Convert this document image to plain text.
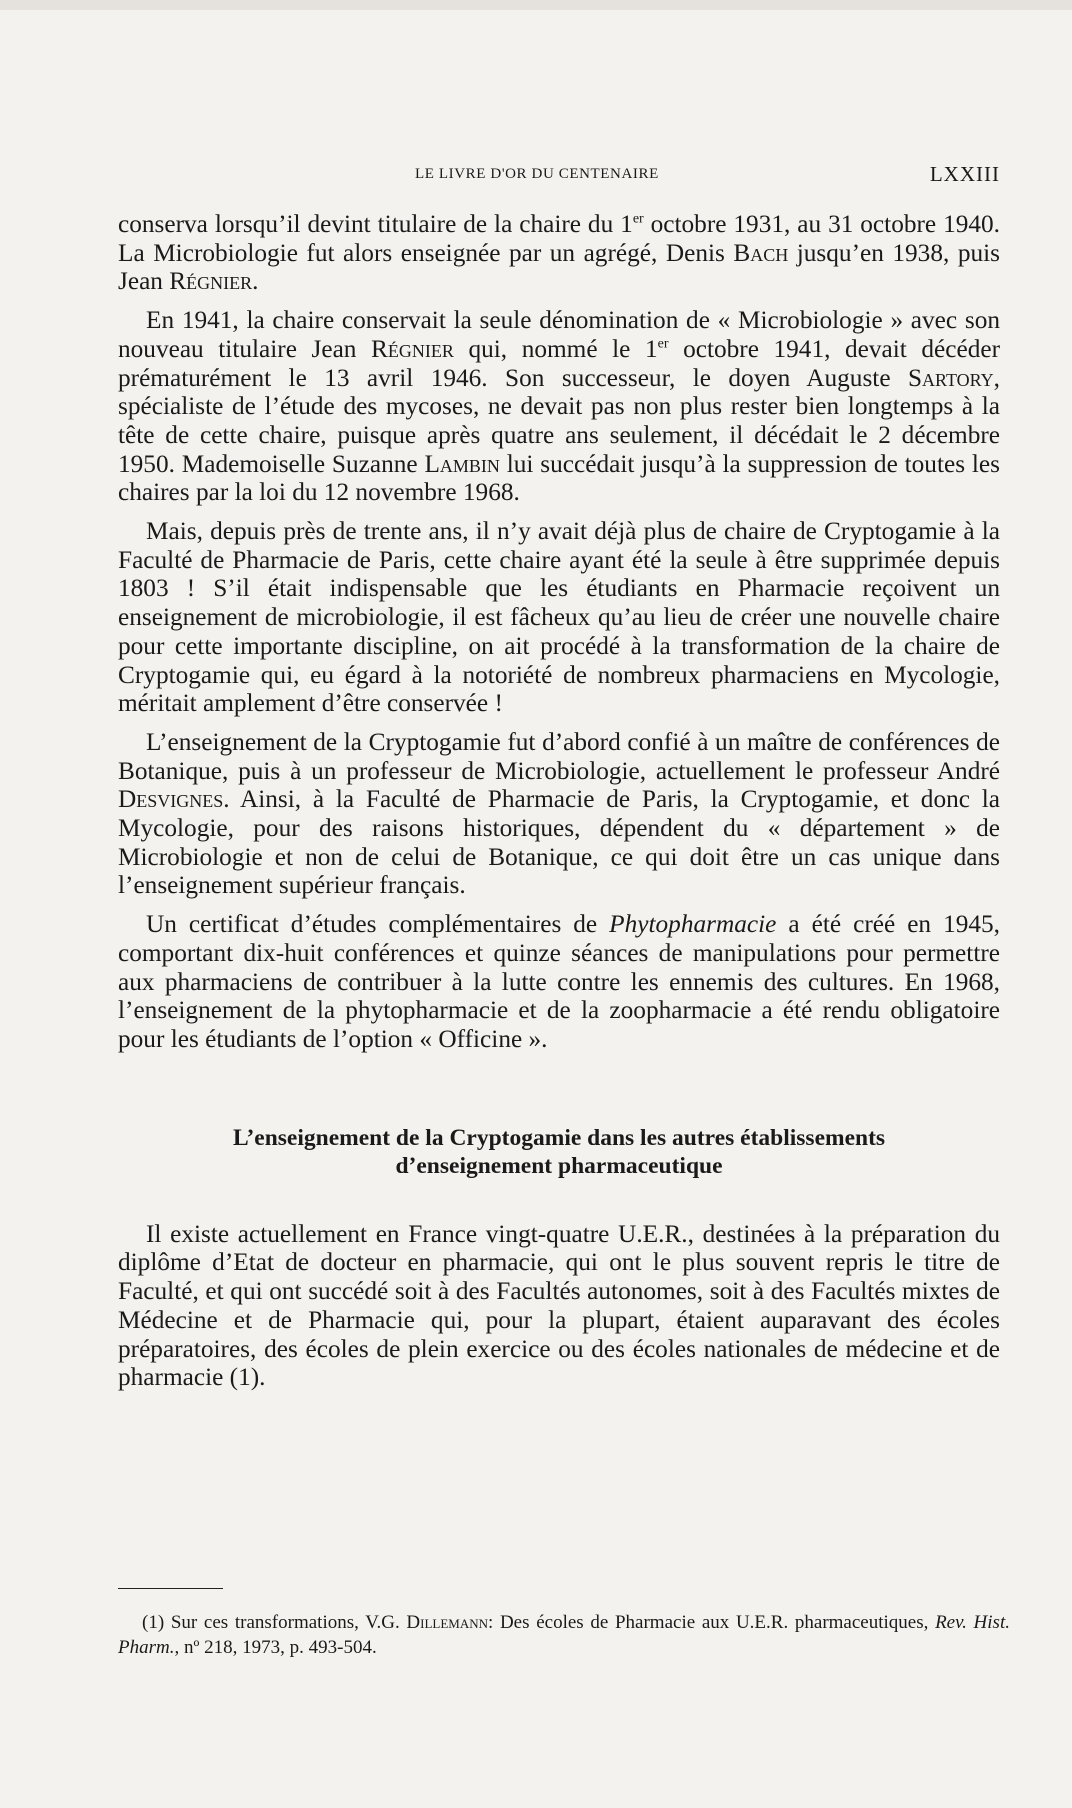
LE LIVRE D'OR DU CENTENAIRE	LXXIII

conserva lorsqu’il devint titulaire de la chaire du 1er octobre 1931, au 31 octobre 1940. La Microbiologie fut alors enseignée par un agrégé, Denis Bach jusqu’en 1938, puis Jean Régnier.

En 1941, la chaire conservait la seule dénomination de « Microbiologie » avec son nouveau titulaire Jean Régnier qui, nommé le 1er octobre 1941, devait décéder prématurément le 13 avril 1946. Son successeur, le doyen Auguste Sartory, spécialiste de l’étude des mycoses, ne devait pas non plus rester bien longtemps à la tête de cette chaire, puisque après quatre ans seulement, il décédait le 2 décembre 1950. Mademoiselle Suzanne Lambin lui succédait jusqu’à la suppression de toutes les chaires par la loi du 12 novembre 1968.

Mais, depuis près de trente ans, il n’y avait déjà plus de chaire de Cryptogamie à la Faculté de Pharmacie de Paris, cette chaire ayant été la seule à être supprimée depuis 1803 ! S’il était indispensable que les étudiants en Pharmacie reçoivent un enseignement de microbiologie, il est fâcheux qu’au lieu de créer une nouvelle chaire pour cette importante discipline, on ait procédé à la transformation de la chaire de Cryptogamie qui, eu égard à la notoriété de nombreux pharmaciens en Mycologie, méritait amplement d’être conservée !

L’enseignement de la Cryptogamie fut d’abord confié à un maître de conférences de Botanique, puis à un professeur de Microbiologie, actuellement le professeur André Desvignes. Ainsi, à la Faculté de Pharmacie de Paris, la Cryptogamie, et donc la Mycologie, pour des raisons historiques, dépendent du « département » de Microbiologie et non de celui de Botanique, ce qui doit être un cas unique dans l’enseignement supérieur français.

Un certificat d’études complémentaires de Phytopharmacie a été créé en 1945, comportant dix-huit conférences et quinze séances de manipulations pour permettre aux pharmaciens de contribuer à la lutte contre les ennemis des cultures. En 1968, l’enseignement de la phytopharmacie et de la zoopharmacie a été rendu obligatoire pour les étudiants de l’option « Officine ».

L’enseignement de la Cryptogamie dans les autres établissements
d’enseignement pharmaceutique

Il existe actuellement en France vingt-quatre U.E.R., destinées à la préparation du diplôme d’Etat de docteur en pharmacie, qui ont le plus souvent repris le titre de Faculté, et qui ont succédé soit à des Facultés autonomes, soit à des Facultés mixtes de Médecine et de Pharmacie qui, pour la plupart, étaient auparavant des écoles préparatoires, des écoles de plein exercice ou des écoles nationales de médecine et de pharmacie (1).

(1) Sur ces transformations, V.G. Dillemann: Des écoles de Pharmacie aux U.E.R. pharmaceutiques, Rev. Hist. Pharm., nº 218, 1973, p. 493-504.
